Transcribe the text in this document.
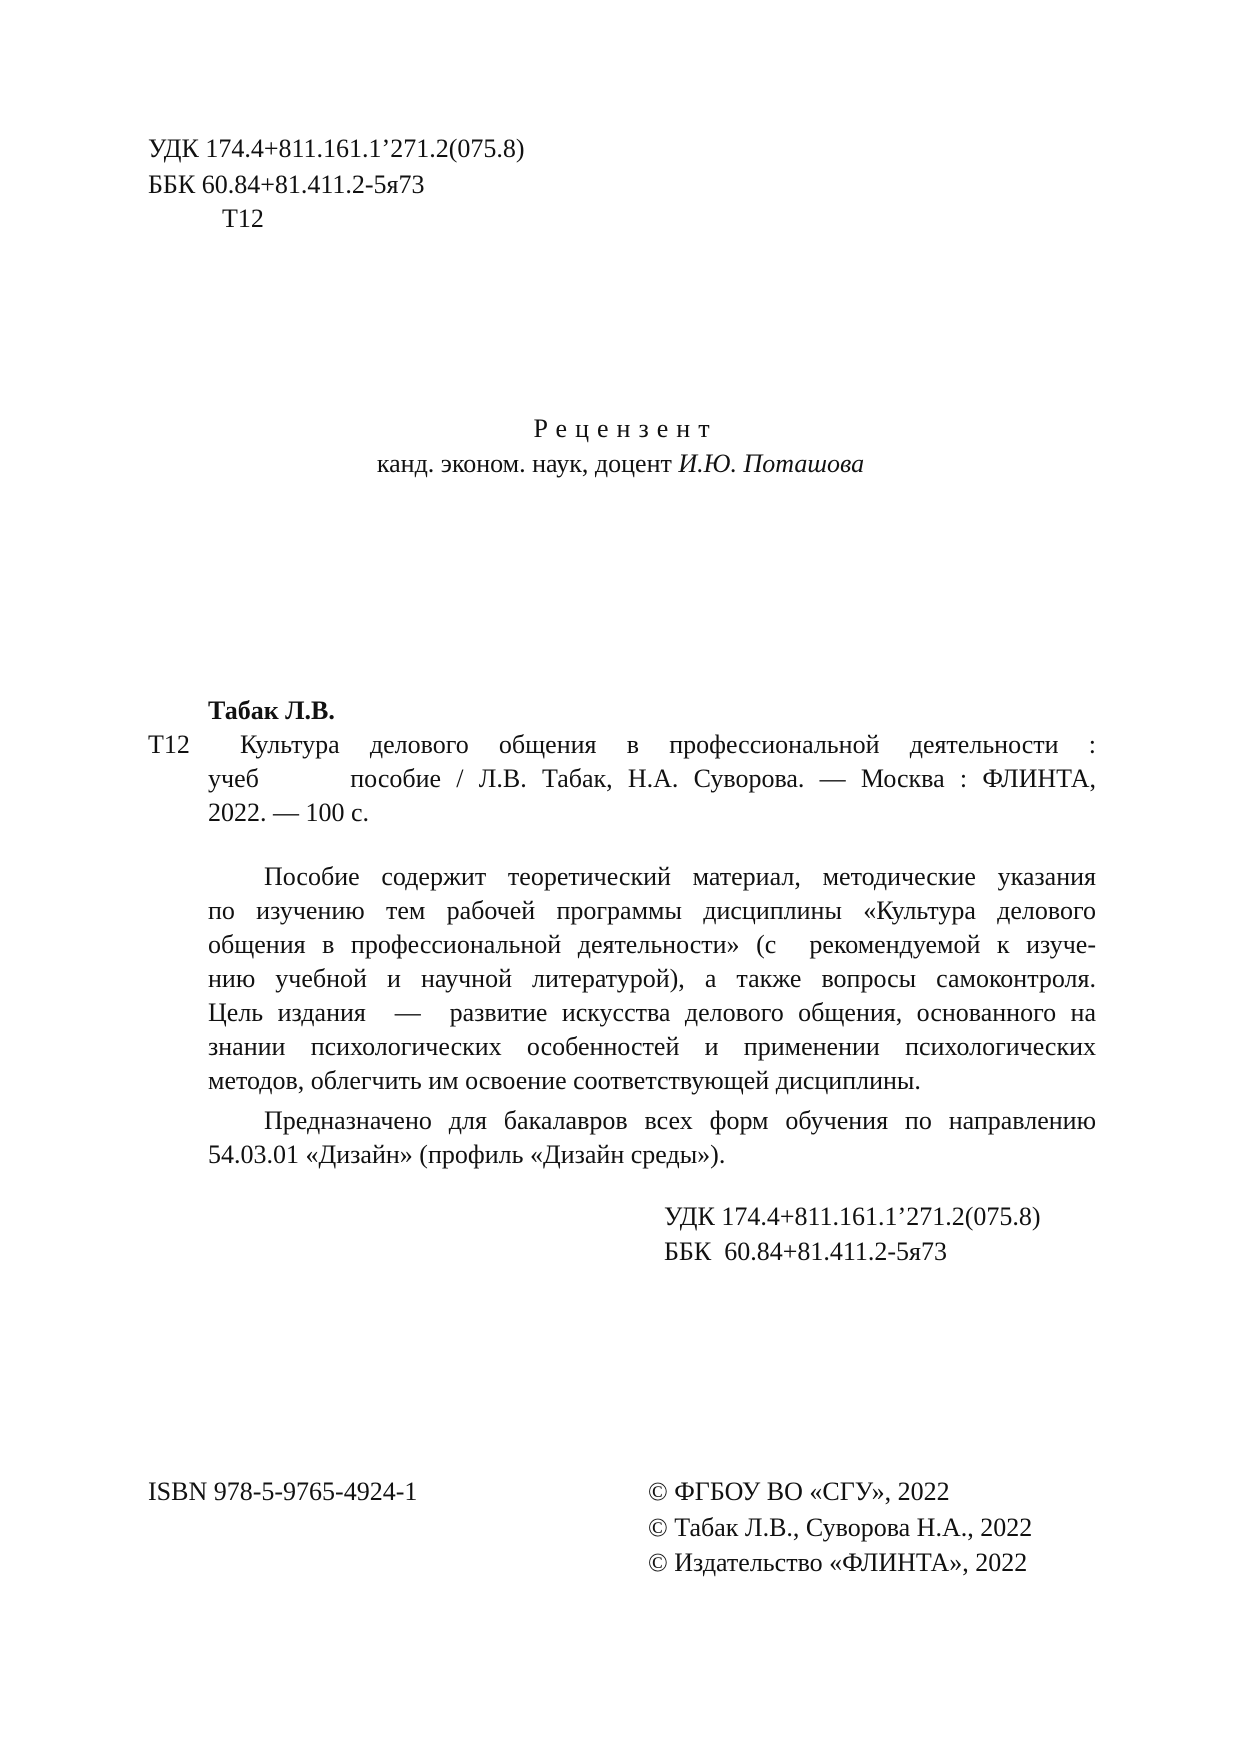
УДК 174.4+811.161.1’271.2(075.8)
ББК 60.84+81.411.2-5я73
Т12
Рецензент
канд. эконом. наук, доцент И.Ю. Поташова
Табак Л.В.
Т12 Культура делового общения в профессиональной деятельности :
учеб      пособие / Л.В. Табак, Н.А. Суворова. — Москва : ФЛИНТА,
2022. — 100 с.
Пособие содержит теоретический материал, методические указания
по изучению тем рабочей программы дисциплины «Культура делового
общения в профессиональной деятельности» (с  рекомендуемой к изуче-
нию учебной и научной литературой), а также вопросы самоконтроля.
Цель издания  —  развитие искусства делового общения, основанного на
знании психологических особенностей и применении психологических
методов, облегчить им освоение соответствующей дисциплины.
Предназначено для бакалавров всех форм обучения по направлению
54.03.01 «Дизайн» (профиль «Дизайн среды»).
УДК 174.4+811.161.1’271.2(075.8)
ББК  60.84+81.411.2-5я73
ISBN 978-5-9765-4924-1	© ФГБОУ ВО «СГУ», 2022
© Табак Л.В., Суворова Н.А., 2022
© Издательство «ФЛИНТА», 2022
